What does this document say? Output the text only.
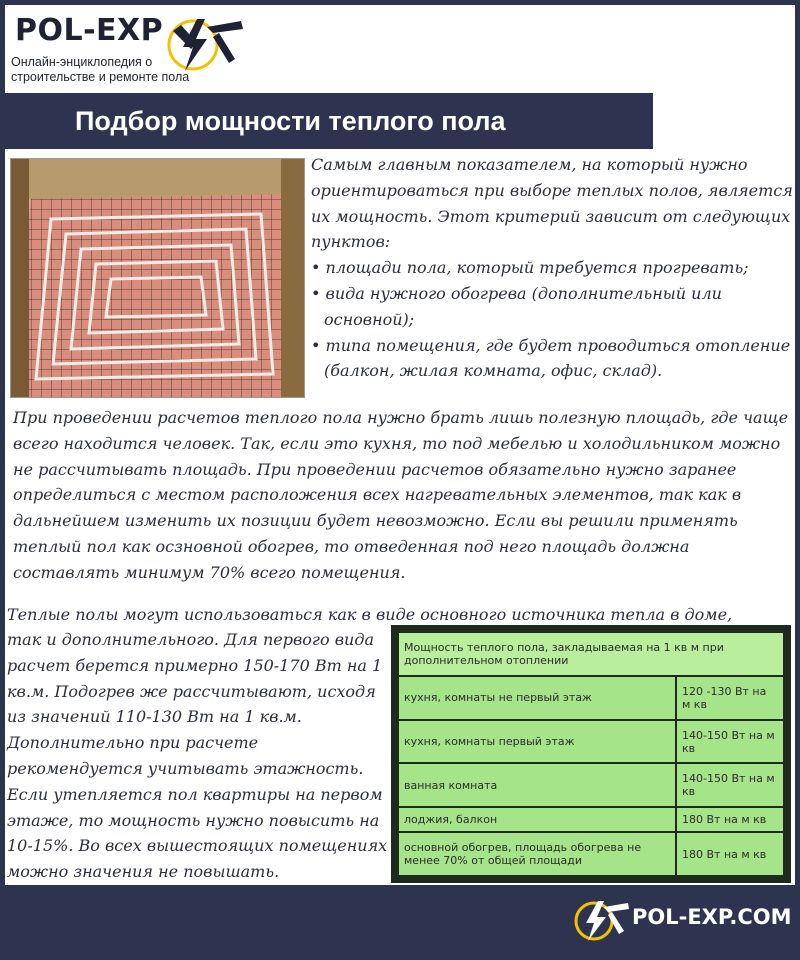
POL-EXP
Онлайн-энциклопедия о строительстве и ремонте пола
Подбор мощности теплого пола
Самым главным показателем, на который нужно ориентироваться при выборе теплых полов, является их мощность. Этот критерий зависит от следующих пунктов:
• площади пола, который требуется прогревать;
• вида нужного обогрева (дополнительный или основной);
• типа помещения, где будет проводиться отопление (балкон, жилая комната, офис, склад).

При проведении расчетов теплого пола нужно брать лишь полезную площадь, где чаще всего находится человек. Так, если это кухня, то под мебелью и холодильником можно не рассчитывать площадь. При проведении расчетов обязательно нужно заранее определиться с местом расположения всех нагревательных элементов, так как в дальнейшем изменить их позиции будет невозможно. Если вы решили применять теплый пол как осзновной обогрев, то отведенная под него площадь должна составлять минимум 70% всего помещения.

Теплые полы могут использоваться как в виде основного источника тепла в доме,

так и дополнительного. Для первого вида расчет берется примерно 150-170 Вт на 1 кв.м. Подогрев же рассчитывают, исходя из значений 110-130 Вт на 1 кв.м. Дополнительно при расчете рекомендуется учитывать этажность. Если утепляется пол квартиры на первом этаже, то мощность нужно повысить на 10-15%. Во всех вышестоящих помещениях можно значения не повышать.

Мощность теплого пола, закладываемая на 1 кв м при дополнительном отоплении	
кухня, комнаты не первый этаж	120 -130 Вт на м кв
кухня, комнаты первый этаж	140-150 Вт на м кв
ванная комната	140-150 Вт на м кв
лоджия, балкон	180 Вт на м кв
основной обогрев, площадь обогрева не менее 70% от общей площади	180 Вт на м кв
POL-EXP.COM
